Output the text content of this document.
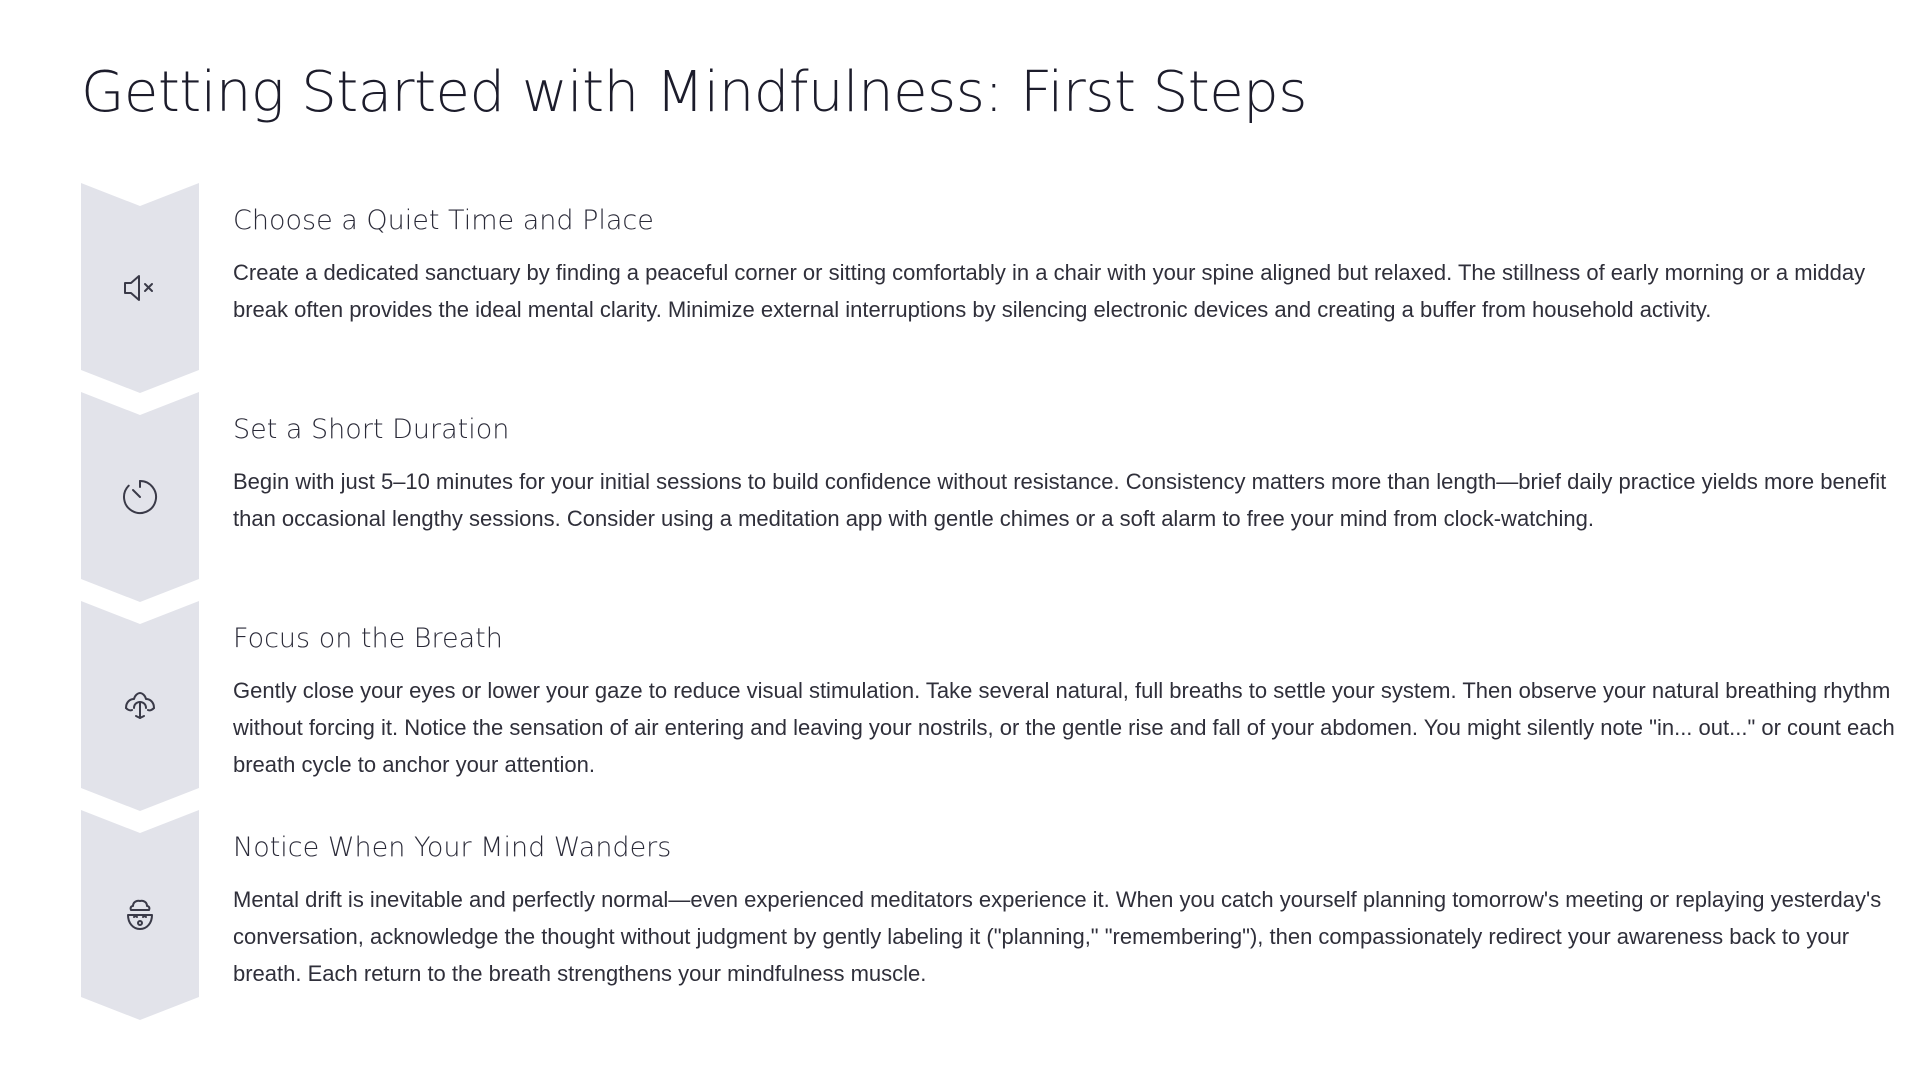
Getting Started with Mindfulness: First Steps
Choose a Quiet Time and Place

Create a dedicated sanctuary by finding a peaceful corner or sitting comfortably in a chair with your spine aligned but relaxed. The stillness of early morning or a midday break often provides the ideal mental clarity. Minimize external interruptions by silencing electronic devices and creating a buffer from household activity.

Set a Short Duration

Begin with just 5–10 minutes for your initial sessions to build confidence without resistance. Consistency matters more than length—brief daily practice yields more benefit than occasional lengthy sessions. Consider using a meditation app with gentle chimes or a soft alarm to free your mind from clock-watching.

Focus on the Breath

Gently close your eyes or lower your gaze to reduce visual stimulation. Take several natural, full breaths to settle your system. Then observe your natural breathing rhythm without forcing it. Notice the sensation of air entering and leaving your nostrils, or the gentle rise and fall of your abdomen. You might silently note "in... out..." or count each breath cycle to anchor your attention.

Notice When Your Mind Wanders

Mental drift is inevitable and perfectly normal—even experienced meditators experience it. When you catch yourself planning tomorrow's meeting or replaying yesterday's conversation, acknowledge the thought without judgment by gently labeling it ("planning," "remembering"), then compassionately redirect your awareness back to your breath. Each return to the breath strengthens your mindfulness muscle.
